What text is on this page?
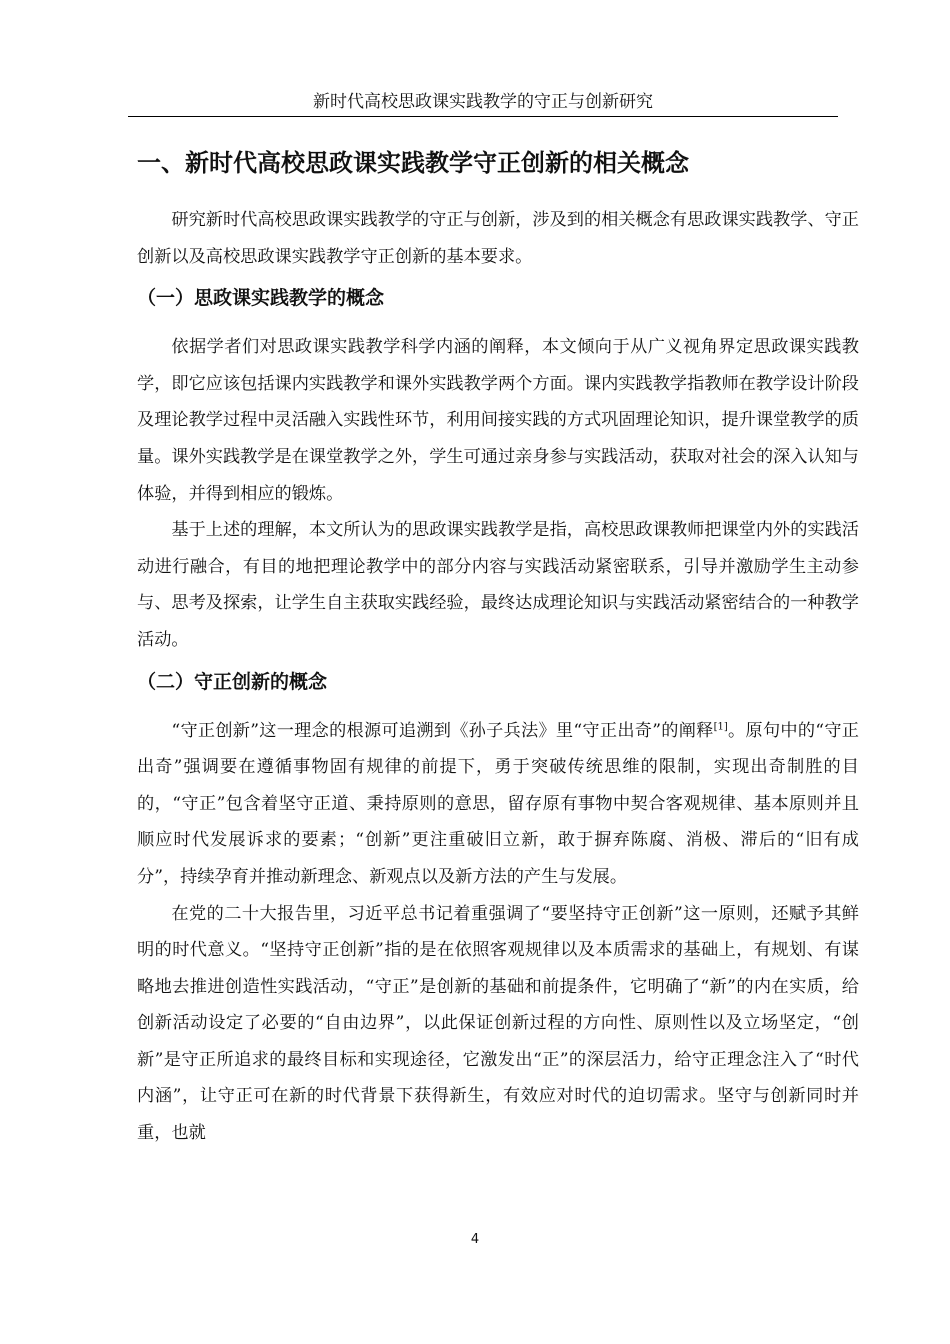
新时代高校思政课实践教学的守正与创新研究
一、新时代高校思政课实践教学守正创新的相关概念

研究新时代高校思政课实践教学的守正与创新，涉及到的相关概念有思政课实践教学、守正创新以及高校思政课实践教学守正创新的基本要求。

（一）思政课实践教学的概念

依据学者们对思政课实践教学科学内涵的阐释，本文倾向于从广义视角界定思政课实践教学，即它应该包括课内实践教学和课外实践教学两个方面。课内实践教学指教师在教学设计阶段及理论教学过程中灵活融入实践性环节，利用间接实践的方式巩固理论知识，提升课堂教学的质量。课外实践教学是在课堂教学之外，学生可通过亲身参与实践活动，获取对社会的深入认知与体验，并得到相应的锻炼。

基于上述的理解，本文所认为的思政课实践教学是指，高校思政课教师把课堂内外的实践活动进行融合，有目的地把理论教学中的部分内容与实践活动紧密联系，引导并激励学生主动参与、思考及探索，让学生自主获取实践经验，最终达成理论知识与实践活动紧密结合的一种教学活动。

（二）守正创新的概念

“守正创新”这一理念的根源可追溯到《孙子兵法》里“守正出奇”的阐释[1]。原句中的“守正出奇”强调要在遵循事物固有规律的前提下，勇于突破传统思维的限制，实现出奇制胜的目的，“守正”包含着坚守正道、秉持原则的意思，留存原有事物中契合客观规律、基本原则并且顺应时代发展诉求的要素；“创新”更注重破旧立新，敢于摒弃陈腐、消极、滞后的“旧有成分”，持续孕育并推动新理念、新观点以及新方法的产生与发展。

在党的二十大报告里，习近平总书记着重强调了“要坚持守正创新”这一原则，还赋予其鲜明的时代意义。“坚持守正创新”指的是在依照客观规律以及本质需求的基础上，有规划、有谋略地去推进创造性实践活动，“守正”是创新的基础和前提条件，它明确了“新”的内在实质，给创新活动设定了必要的“自由边界”，以此保证创新过程的方向性、原则性以及立场坚定，“创新”是守正所追求的最终目标和实现途径，它激发出“正”的深层活力，给守正理念注入了“时代内涵”，让守正可在新的时代背景下获得新生，有效应对时代的迫切需求。坚守与创新同时并重，也就

4
